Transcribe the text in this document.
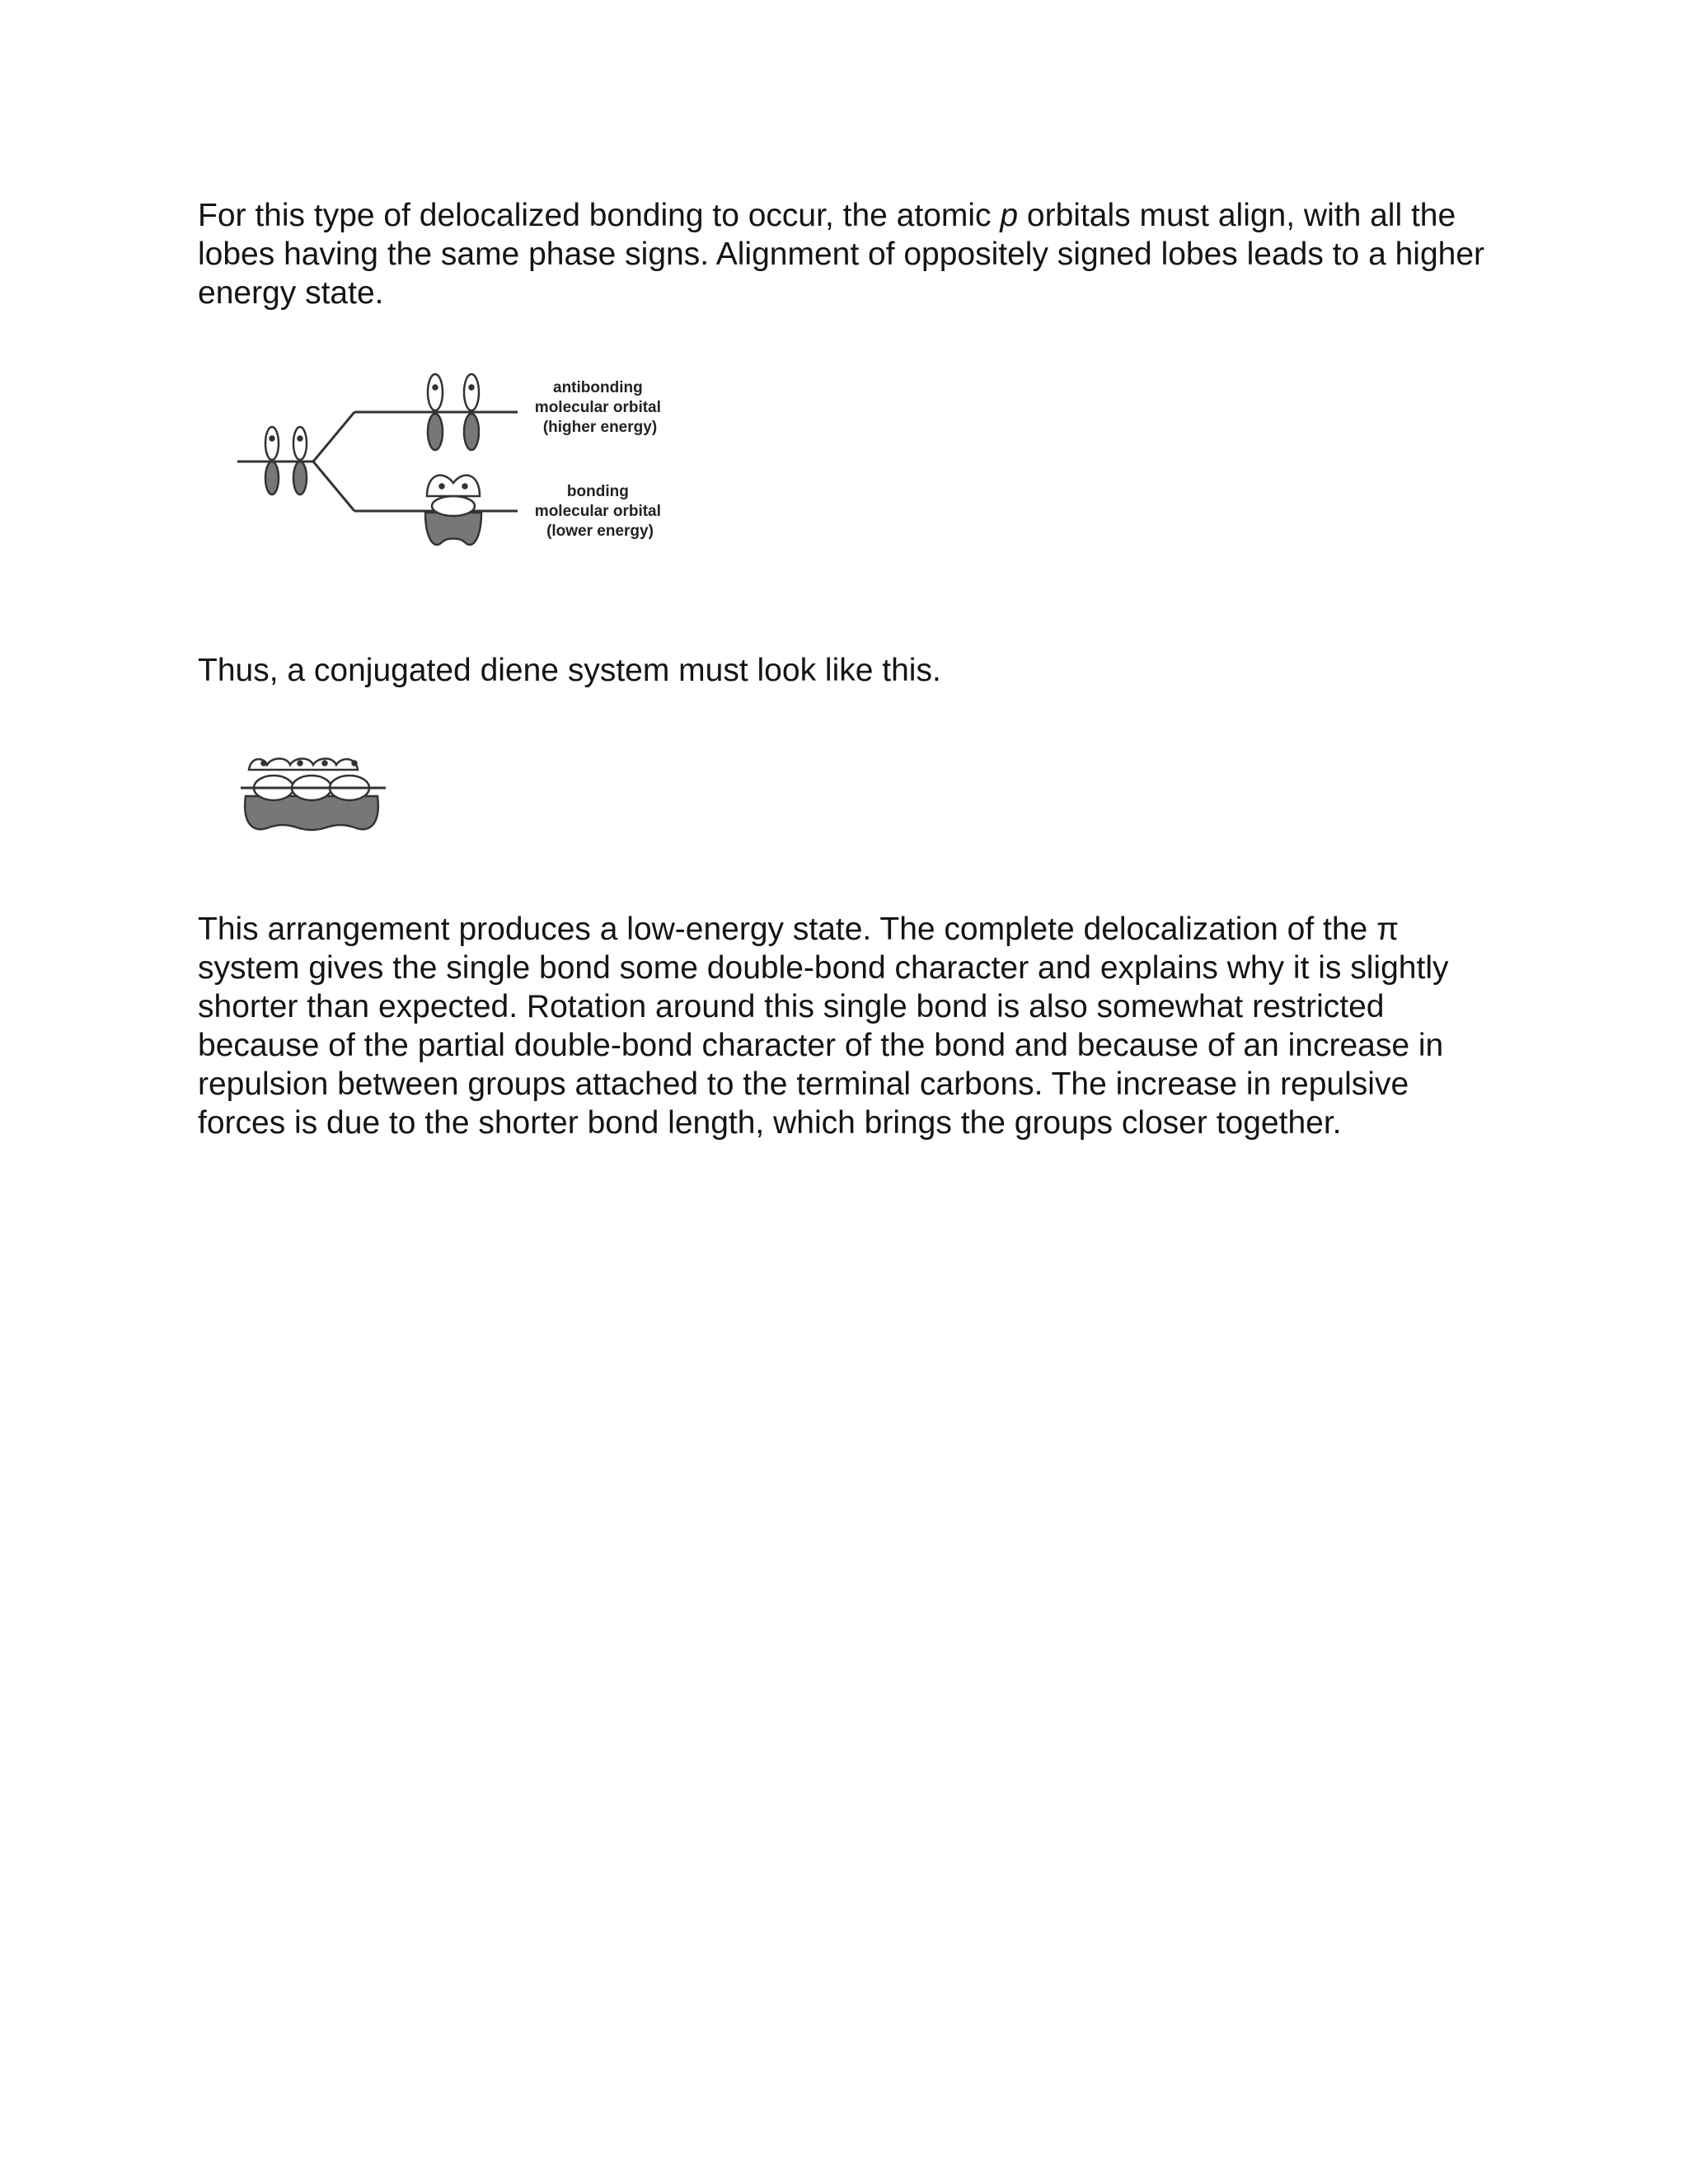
For this type of delocalized bonding to occur, the atomic p orbitals must align, with all the lobes having the same phase signs. Alignment of oppositely signed lobes leads to a higher energy state.

antibonding molecular orbital (higher energy)
bonding molecular orbital (lower energy)

Thus, a conjugated diene system must look like this.

This arrangement produces a low-energy state. The complete delocalization of the π system gives the single bond some double-bond character and explains why it is slightly shorter than expected. Rotation around this single bond is also somewhat restricted because of the partial double-bond character of the bond and because of an increase in repulsion between groups attached to the terminal carbons. The increase in repulsive forces is due to the shorter bond length, which brings the groups closer together.
